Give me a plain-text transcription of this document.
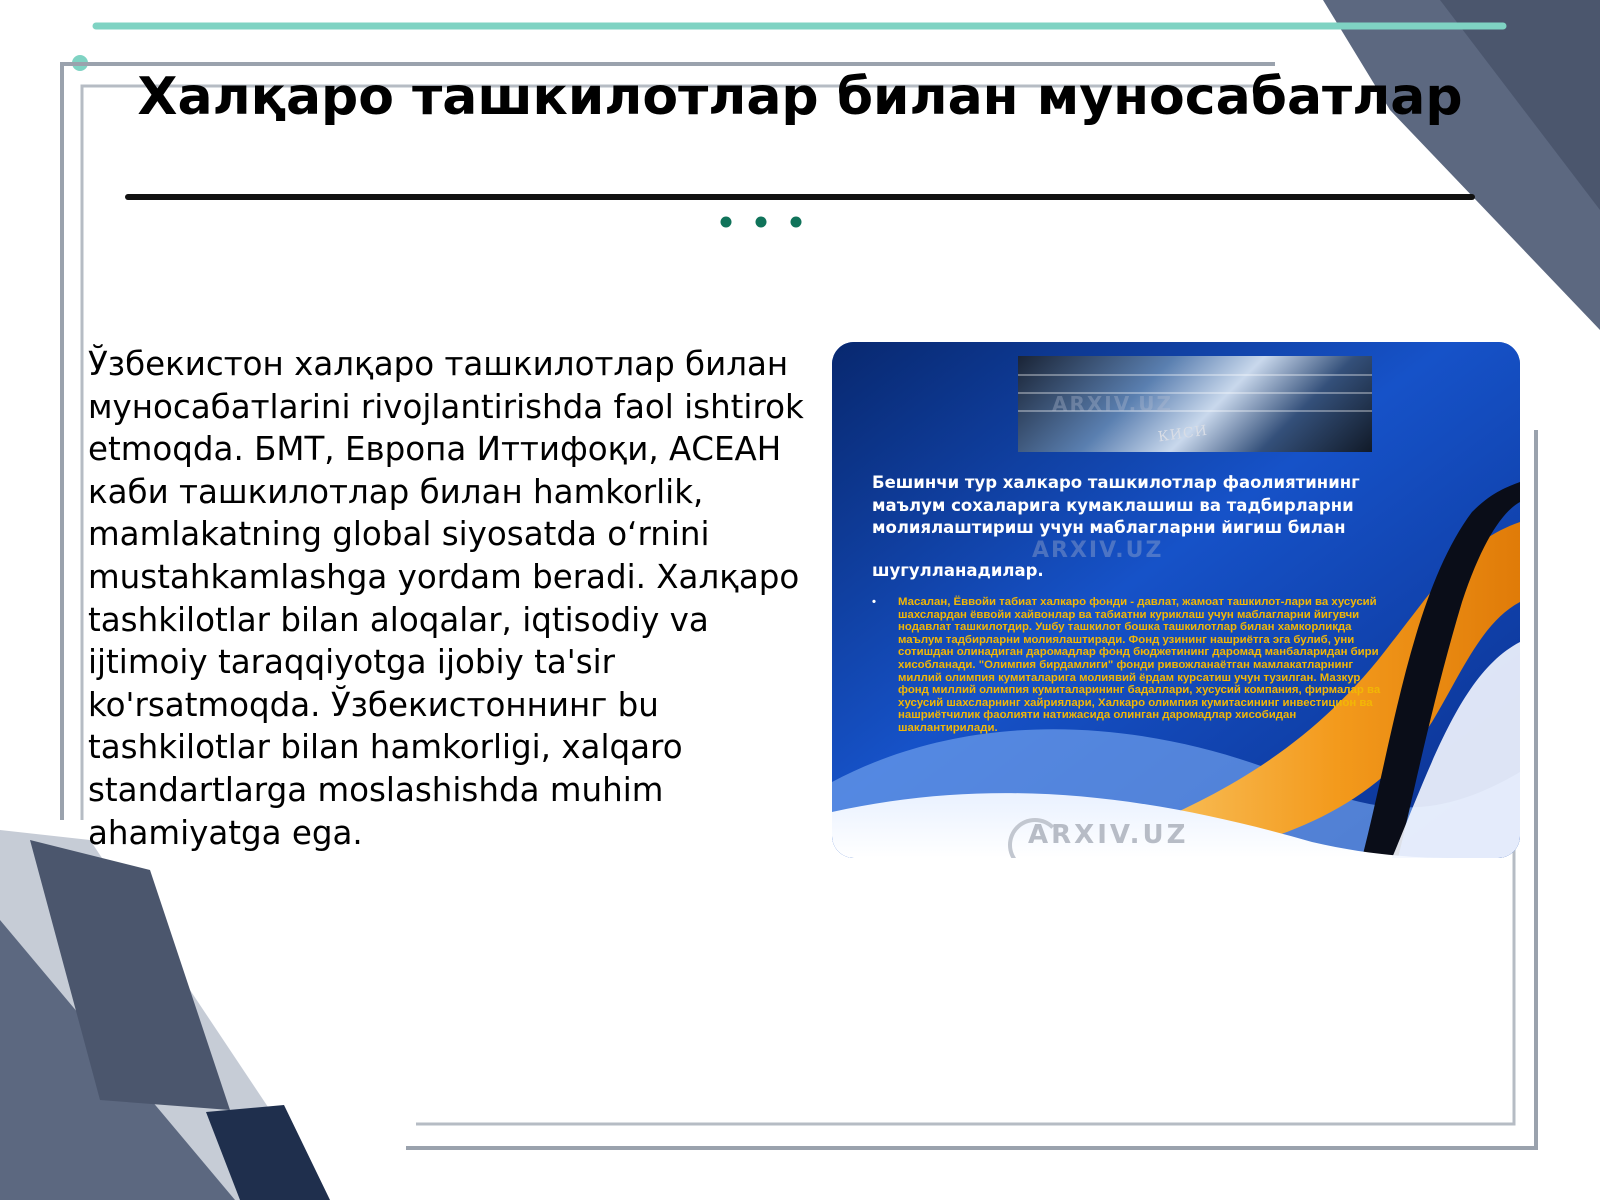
Халқаро ташкилотлар билан муносабатлар
Ўзбекистон халқаро ташкилотлар билан муносабатlarini rivojlantirishda faol ishtirok etmoqda. БМТ, Европа Иттифоқи, АСЕАН каби ташкилотлар билан hamkorlik, mamlakatning global siyosatda o‘rnini mustahkamlashga yordam beradi. Халқаро tashkilotlar bilan aloqalar, iqtisodiy va ijtimoiy taraqqiyotga ijobiy ta'sir ko'rsatmoqda. Ўзбекистоннинг bu tashkilotlar bilan hamkorligi, xalqaro standartlarga moslashishda muhim ahamiyatga ega.
КИСИ
Бешинчи тур халкаро ташкилотлар фаолиятининг
маълум сохаларига кумаклашиш ва тадбирларни
молиялаштириш учун маблагларни йигиш билан
шугулланадилар.
ARXIV.UZ
ARXIV.UZ
• Масалан, Ёввойи табиат халкаро фонди - давлат, жамоат ташкилот-лари ва хусусий шахслардан ёввойи хайвонлар ва табиатни куриклаш учун маблагларни йигувчи нодавлат ташкилотдир. Ушбу ташкилот бошка ташкилотлар билан хамкорликда маълум тадбирларни молиялаштиради. Фонд узининг нашриётга эга булиб, уни сотишдан олинадиган даромадлар фонд бюджетининг даромад манбаларидан бири хисобланади. "Олимпия бирдамлиги" фонди ривожланаётган мамлакатларнинг миллий олимпия кумиталарига молиявий ёрдам курсатиш учун тузилган. Мазкур фонд миллий олимпия кумиталарининг бадаллари, хусусий компания, фирмалар ва хусусий шахсларнинг хайриялари, Халкаро олимпия кумитасининг инвестицион ва нашриётчилик фаолияти натижасида олинган даромадлар хисобидан шаклантирилади.
ARXIV.UZ
